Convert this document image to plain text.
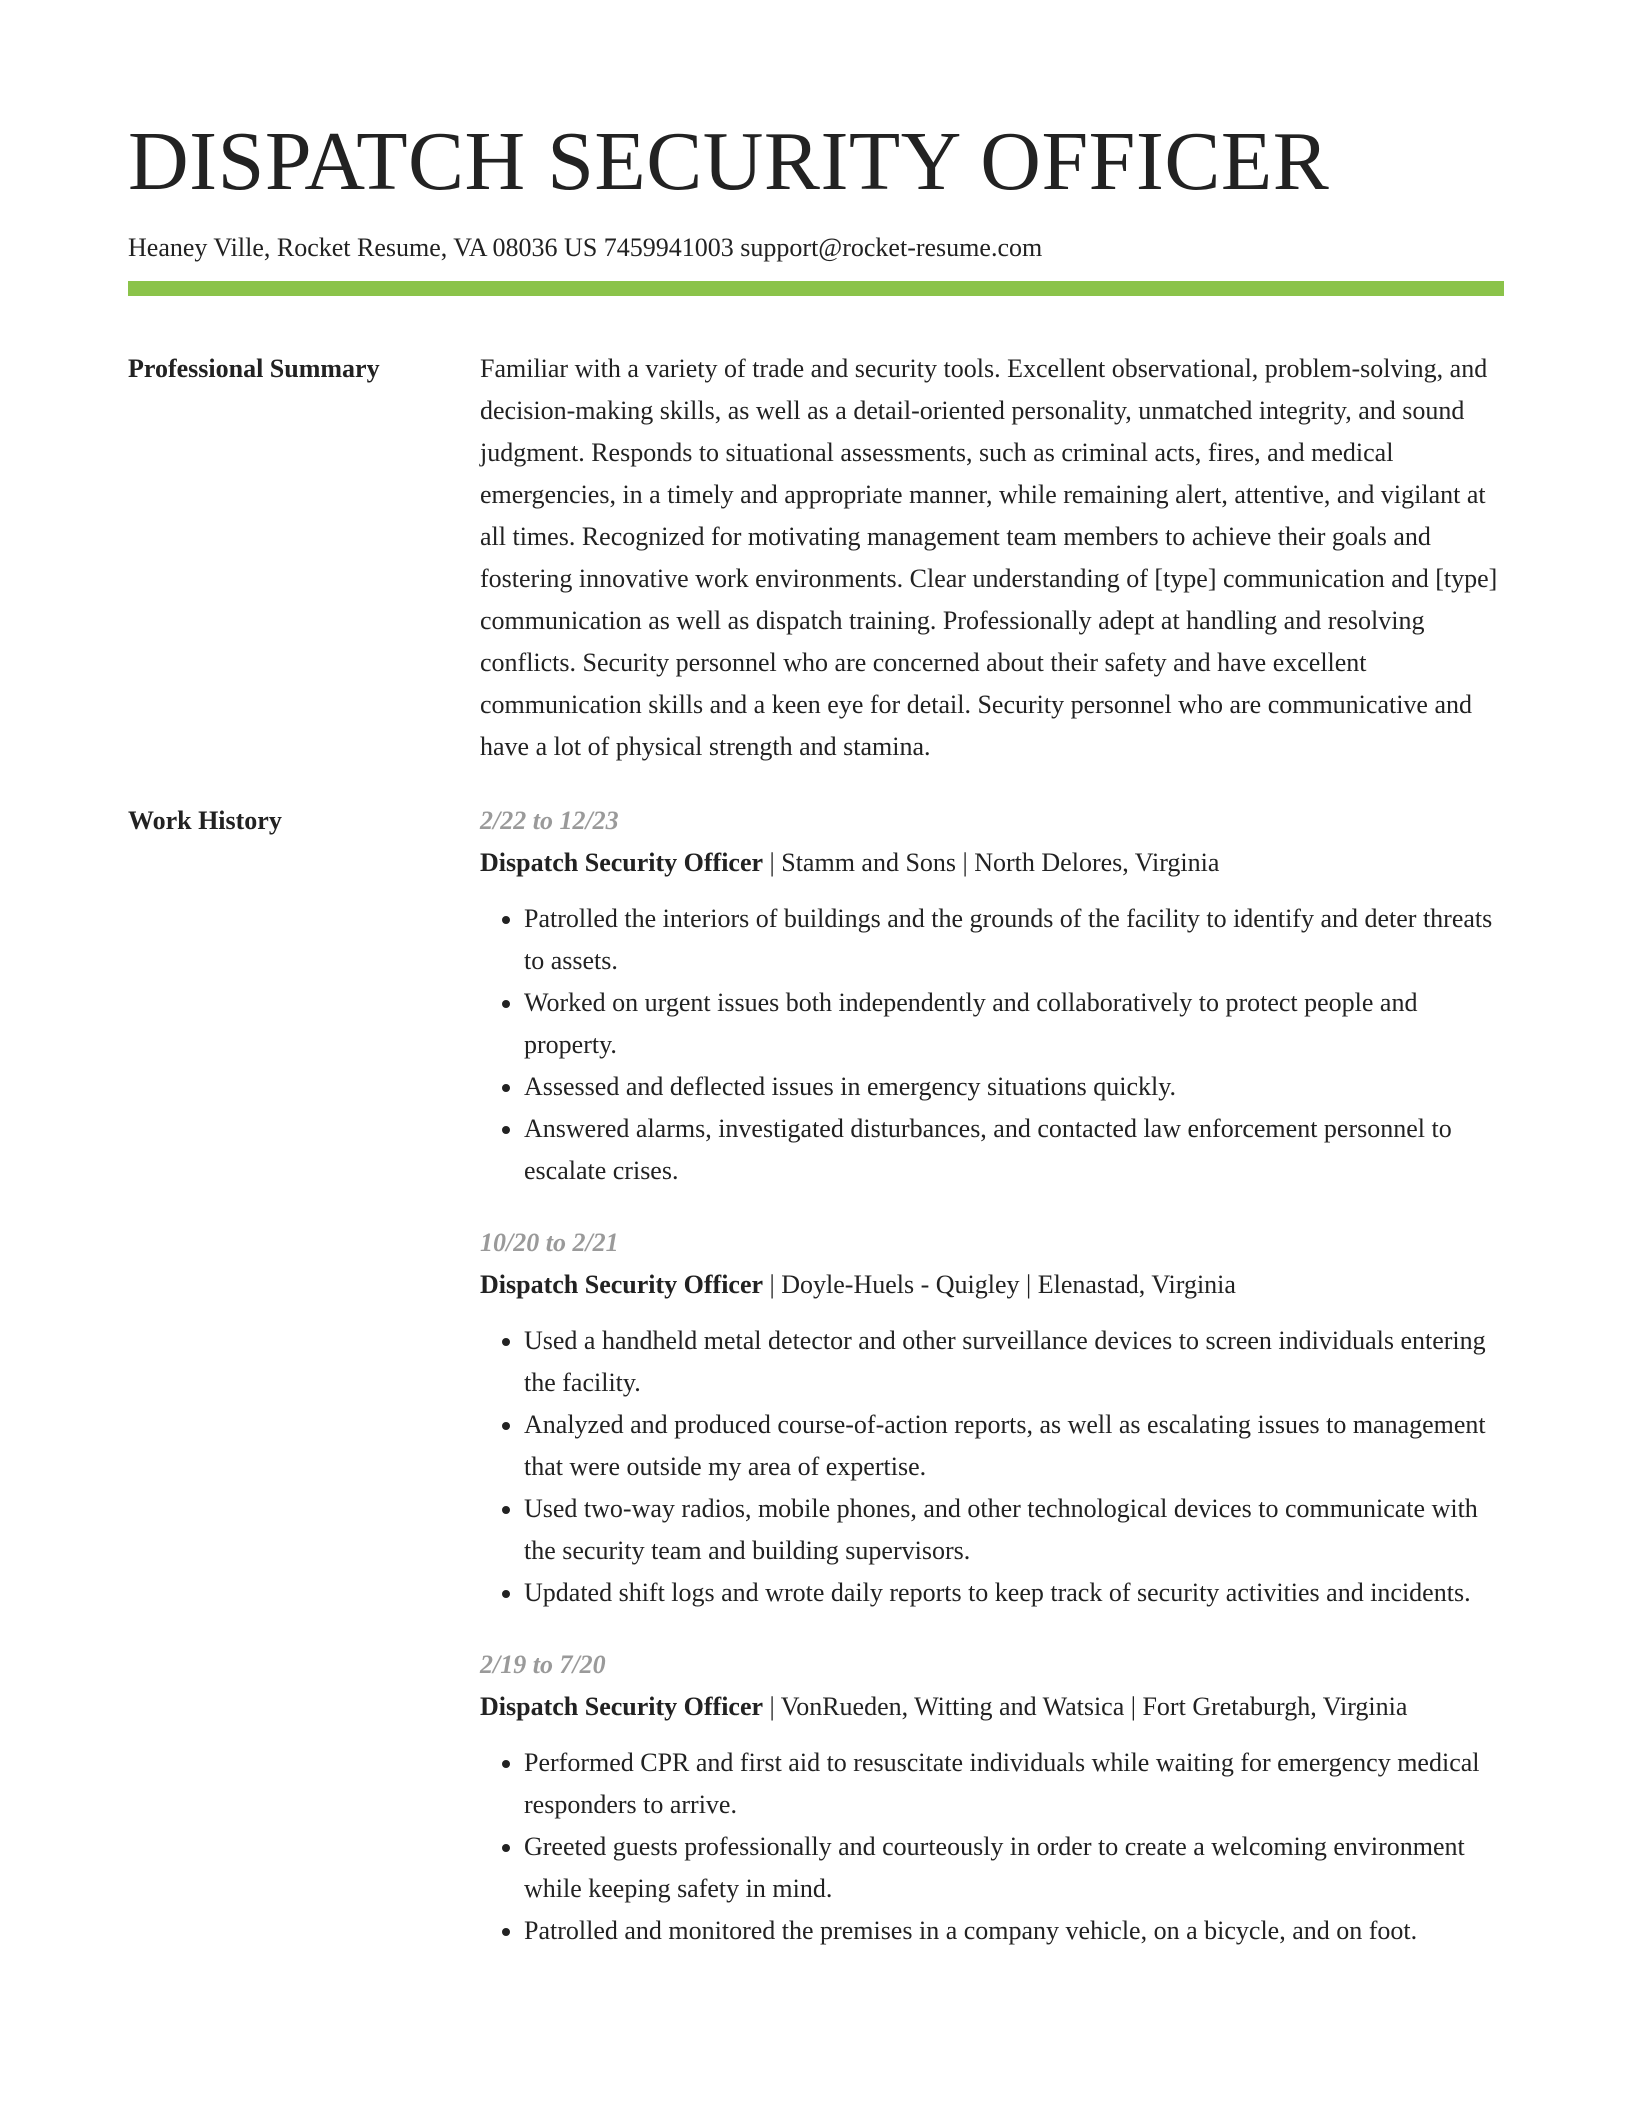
DISPATCH SECURITY OFFICER
Heaney Ville, Rocket Resume, VA 08036 US 7459941003 support@rocket-resume.com
Professional Summary	Familiar with a variety of trade and security tools. Excellent observational, problem-solving, and decision-making skills, as well as a detail-oriented personality, unmatched integrity, and sound judgment. Responds to situational assessments, such as criminal acts, fires, and medical emergencies, in a timely and appropriate manner, while remaining alert, attentive, and vigilant at all times. Recognized for motivating management team members to achieve their goals and fostering innovative work environments. Clear understanding of [type] communication and [type] communication as well as dispatch training. Professionally adept at handling and resolving conflicts. Security personnel who are concerned about their safety and have excellent communication skills and a keen eye for detail. Security personnel who are communicative and have a lot of physical strength and stamina.

Work History	2/22 to 12/23
Dispatch Security Officer | Stamm and Sons | North Delores, Virginia
• Patrolled the interiors of buildings and the grounds of the facility to identify and deter threats to assets.
• Worked on urgent issues both independently and collaboratively to protect people and property.
• Assessed and deflected issues in emergency situations quickly.
• Answered alarms, investigated disturbances, and contacted law enforcement personnel to escalate crises.
10/20 to 2/21
Dispatch Security Officer | Doyle-Huels - Quigley | Elenastad, Virginia
• Used a handheld metal detector and other surveillance devices to screen individuals entering the facility.
• Analyzed and produced course-of-action reports, as well as escalating issues to management that were outside my area of expertise.
• Used two-way radios, mobile phones, and other technological devices to communicate with the security team and building supervisors.
• Updated shift logs and wrote daily reports to keep track of security activities and incidents.
2/19 to 7/20
Dispatch Security Officer | VonRueden, Witting and Watsica | Fort Gretaburgh, Virginia
• Performed CPR and first aid to resuscitate individuals while waiting for emergency medical responders to arrive.
• Greeted guests professionally and courteously in order to create a welcoming environment while keeping safety in mind.
• Patrolled and monitored the premises in a company vehicle, on a bicycle, and on foot.
